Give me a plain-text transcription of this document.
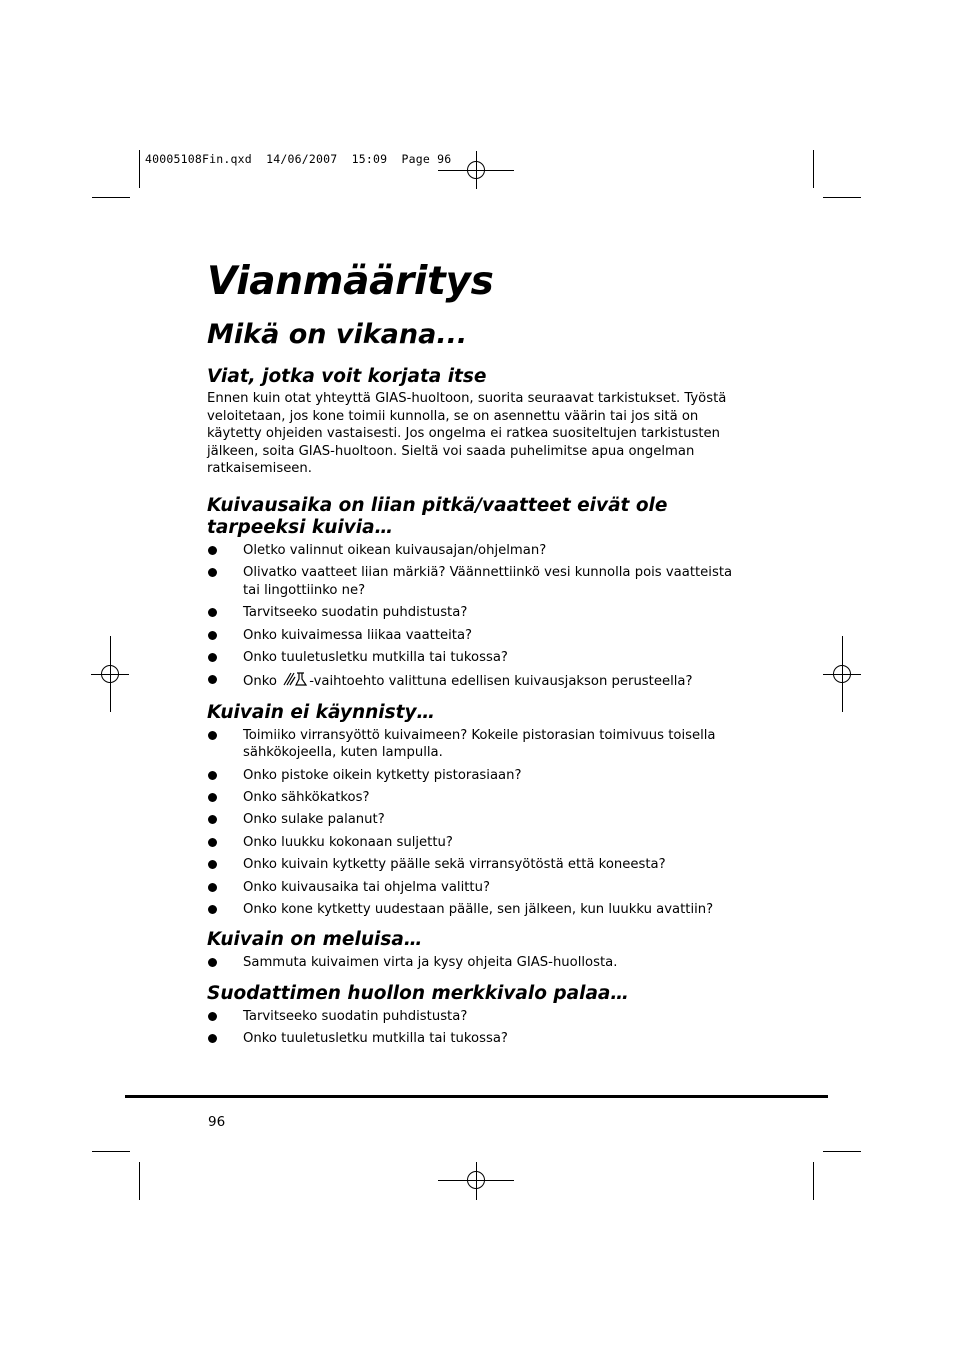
40005108Fin.qxd  14/06/2007  15:09  Page 96
Vianmääritys
Mikä on vikana...
Viat, jotka voit korjata itse

Ennen kuin otat yhteyttä GIAS-huoltoon, suorita seuraavat tarkistukset. Työstä veloitetaan, jos kone toimii kunnolla, se on asennettu väärin tai jos sitä on käytetty ohjeiden vastaisesti. Jos ongelma ei ratkea suositeltujen tarkistusten jälkeen, soita GIAS-huoltoon. Sieltä voi saada puhelimitse apua ongelman ratkaisemiseen.

Kuivausaika on liian pitkä/vaatteet eivät ole tarpeeksi kuivia…
Oletko valinnut oikean kuivausajan/ohjelman?
Olivatko vaatteet liian märkiä? Väännettiinkö vesi kunnolla pois vaatteista tai lingottiinko ne?
Tarvitseeko suodatin puhdistusta?
Onko kuivaimessa liikaa vaatteita?
Onko tuuletusletku mutkilla tai tukossa?
Onko -vaihtoehto valittuna edellisen kuivausjakson perusteella?
Kuivain ei käynnisty…
Toimiiko virransyöttö kuivaimeen? Kokeile pistorasian toimivuus toisella sähkökojeella, kuten lampulla.
Onko pistoke oikein kytketty pistorasiaan?
Onko sähkökatkos?
Onko sulake palanut?
Onko luukku kokonaan suljettu?
Onko kuivain kytketty päälle sekä virransyötöstä että koneesta?
Onko kuivausaika tai ohjelma valittu?
Onko kone kytketty uudestaan päälle, sen jälkeen, kun luukku avattiin?
Kuivain on meluisa…
Sammuta kuivaimen virta ja kysy ohjeita GIAS-huollosta.
Suodattimen huollon merkkivalo palaa…
Tarvitseeko suodatin puhdistusta?
Onko tuuletusletku mutkilla tai tukossa?
96
